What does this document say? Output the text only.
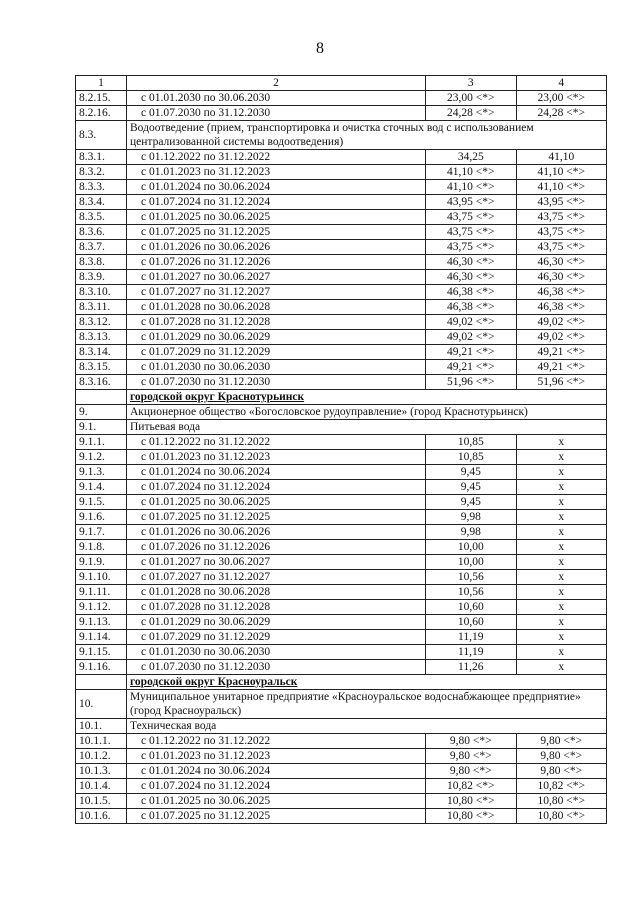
8
1	2	3	4
8.2.15.	с 01.01.2030 по 30.06.2030	23,00 <*>	23,00 <*>
8.2.16.	с 01.07.2030 по 31.12.2030	24,28 <*>	24,28 <*>
8.3.	Водоотведение (прием, транспортировка и очистка сточных вод с использованием централизованной системы водоотведения)		
8.3.1.	с 01.12.2022 по 31.12.2022	34,25	41,10
8.3.2.	с 01.01.2023 по 31.12.2023	41,10 <*>	41,10 <*>
8.3.3.	с 01.01.2024 по 30.06.2024	41,10 <*>	41,10 <*>
8.3.4.	с 01.07.2024 по 31.12.2024	43,95 <*>	43,95 <*>
8.3.5.	с 01.01.2025 по 30.06.2025	43,75 <*>	43,75 <*>
8.3.6.	с 01.07.2025 по 31.12.2025	43,75 <*>	43,75 <*>
8.3.7.	с 01.01.2026 по 30.06.2026	43,75 <*>	43,75 <*>
8.3.8.	с 01.07.2026 по 31.12.2026	46,30 <*>	46,30 <*>
8.3.9.	с 01.01.2027 по 30.06.2027	46,30 <*>	46,30 <*>
8.3.10.	с 01.07.2027 по 31.12.2027	46,38 <*>	46,38 <*>
8.3.11.	с 01.01.2028 по 30.06.2028	46,38 <*>	46,38 <*>
8.3.12.	с 01.07.2028 по 31.12.2028	49,02 <*>	49,02 <*>
8.3.13.	с 01.01.2029 по 30.06.2029	49,02 <*>	49,02 <*>
8.3.14.	с 01.07.2029 по 31.12.2029	49,21 <*>	49,21 <*>
8.3.15.	с 01.01.2030 по 30.06.2030	49,21 <*>	49,21 <*>
8.3.16.	с 01.07.2030 по 31.12.2030	51,96 <*>	51,96 <*>
	городской округ Краснотурьинск		
9.	Акционерное общество «Богословское рудоуправление» (город Краснотурьинск)		
9.1.	Питьевая вода		
9.1.1.	с 01.12.2022 по 31.12.2022	10,85	х
9.1.2.	с 01.01.2023 по 31.12.2023	10,85	х
9.1.3.	с 01.01.2024 по 30.06.2024	9,45	х
9.1.4.	с 01.07.2024 по 31.12.2024	9,45	х
9.1.5.	с 01.01.2025 по 30.06.2025	9,45	х
9.1.6.	с 01.07.2025 по 31.12.2025	9,98	х
9.1.7.	с 01.01.2026 по 30.06.2026	9,98	х
9.1.8.	с 01.07.2026 по 31.12.2026	10,00	х
9.1.9.	с 01.01.2027 по 30.06.2027	10,00	х
9.1.10.	с 01.07.2027 по 31.12.2027	10,56	х
9.1.11.	с 01.01.2028 по 30.06.2028	10,56	х
9.1.12.	с 01.07.2028 по 31.12.2028	10,60	х
9.1.13.	с 01.01.2029 по 30.06.2029	10,60	х
9.1.14.	с 01.07.2029 по 31.12.2029	11,19	х
9.1.15.	с 01.01.2030 по 30.06.2030	11,19	х
9.1.16.	с 01.07.2030 по 31.12.2030	11,26	х
	городской округ Красноуральск		
10.	Муниципальное унитарное предприятие «Красноуральское водоснабжающее предприятие» (город Красноуральск)		
10.1.	Техническая вода		
10.1.1.	с 01.12.2022 по 31.12.2022	9,80 <*>	9,80 <*>
10.1.2.	с 01.01.2023 по 31.12.2023	9,80 <*>	9,80 <*>
10.1.3.	с 01.01.2024 по 30.06.2024	9,80 <*>	9,80 <*>
10.1.4.	с 01.07.2024 по 31.12.2024	10,82 <*>	10,82 <*>
10.1.5.	с 01.01.2025 по 30.06.2025	10,80 <*>	10,80 <*>
10.1.6.	с 01.07.2025 по 31.12.2025	10,80 <*>	10,80 <*>
